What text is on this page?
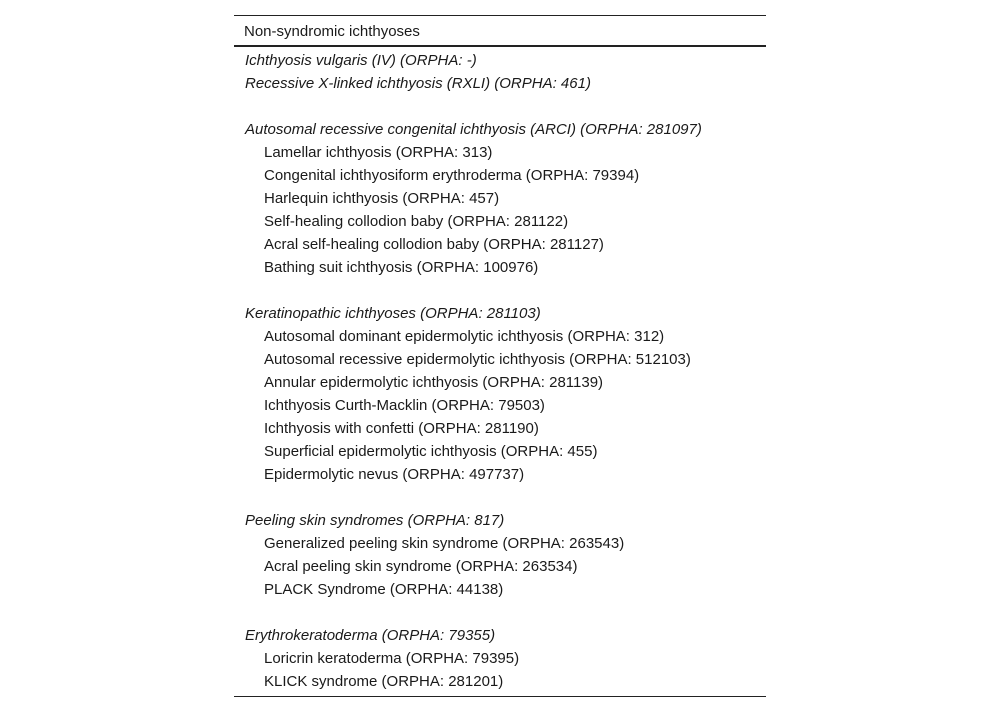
Non-syndromic ichthyoses
Ichthyosis vulgaris (IV) (ORPHA: -)
Recessive X-linked ichthyosis (RXLI) (ORPHA: 461)
Autosomal recessive congenital ichthyosis (ARCI) (ORPHA: 281097)
Lamellar ichthyosis (ORPHA: 313)
Congenital ichthyosiform erythroderma (ORPHA: 79394)
Harlequin ichthyosis (ORPHA: 457)
Self-healing collodion baby (ORPHA: 281122)
Acral self-healing collodion baby (ORPHA: 281127)
Bathing suit ichthyosis (ORPHA: 100976)
Keratinopathic ichthyoses (ORPHA: 281103)
Autosomal dominant epidermolytic ichthyosis (ORPHA: 312)
Autosomal recessive epidermolytic ichthyosis (ORPHA: 512103)
Annular epidermolytic ichthyosis (ORPHA: 281139)
Ichthyosis Curth-Macklin (ORPHA: 79503)
Ichthyosis with confetti (ORPHA: 281190)
Superficial epidermolytic ichthyosis (ORPHA: 455)
Epidermolytic nevus (ORPHA: 497737)
Peeling skin syndromes (ORPHA: 817)
Generalized peeling skin syndrome (ORPHA: 263543)
Acral peeling skin syndrome (ORPHA: 263534)
PLACK Syndrome (ORPHA: 44138)
Erythrokeratoderma (ORPHA: 79355)
Loricrin keratoderma (ORPHA: 79395)
KLICK syndrome (ORPHA: 281201)
